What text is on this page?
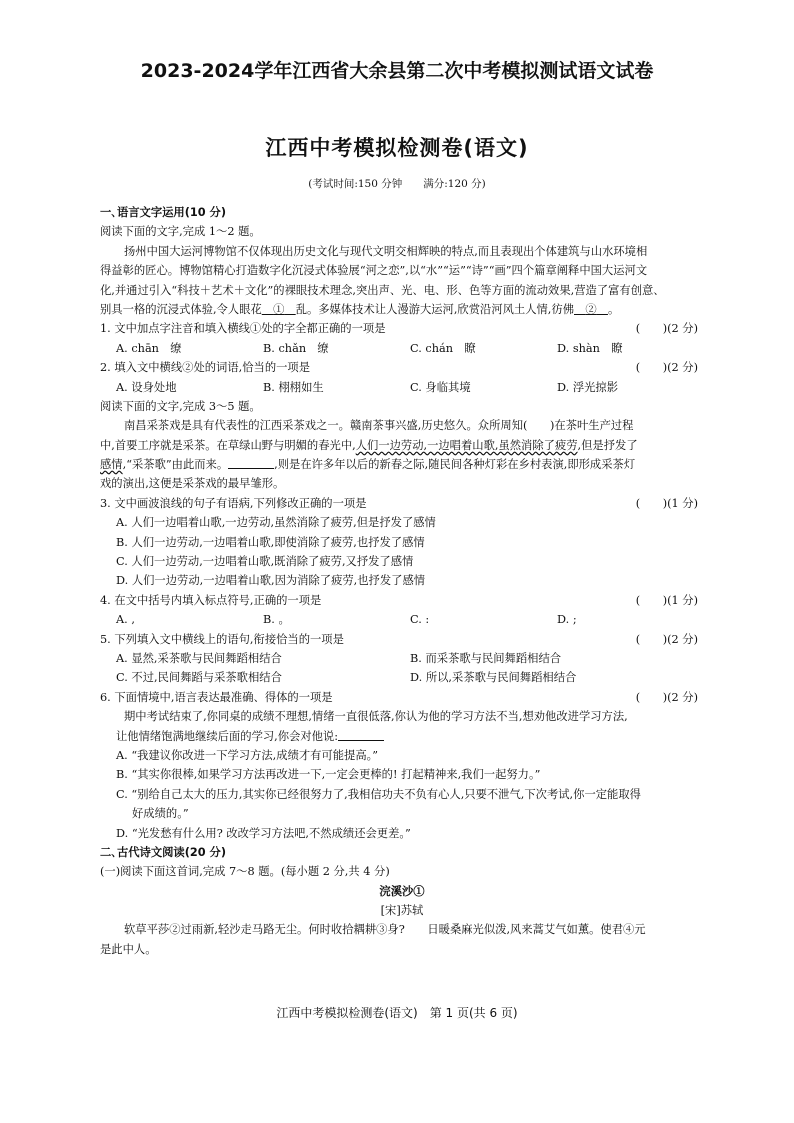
2023-2024学年江西省大余县第二次中考模拟测试语文试卷
江西中考模拟检测卷(语文)
(考试时间:150 分钟　　满分:120 分)
一､语言文字运用(10 分)
阅读下面的文字,完成 1～2 题。
扬州中国大运河博物馆不仅体现出历史文化与现代文明交相辉映的特点,而且表现出个体建筑与山水环境相
得益彰的匠心。博物馆精心打造数字化沉浸式体验展“河之恋”,以“水”“运”“诗”“画”四个篇章阐释中国大运河文
化,并通过引入“科技＋艺术＋文化”的裸眼技术理念,突出声、光、电、形、色等方面的流动效果,营造了富有创意、
别具一格的沉浸式体验,令人眼花　 ①　 乱。多媒体技术让人漫游大运河,欣赏沿河风土人情,彷佛　 ②　 。
1. 文中加点字注音和填入横线①处的字全都正确的一项是	(　　)(2 分)
A. chān　缭	B. chǎn　缭	C. chán　瞭	D. shàn　瞭
2. 填入文中横线②处的词语,恰当的一项是	(　　)(2 分)
A. 设身处地	B. 栩栩如生	C. 身临其境	D. 浮光掠影
阅读下面的文字,完成 3～5 题。
南昌采茶戏是具有代表性的江西采茶戏之一。赣南茶事兴盛,历史悠久。众所周知(　　)在茶叶生产过程
中,首要工序就是采茶。在草绿山野与明媚的春光中,人们一边劳动,一边唱着山歌,虽然消除了疲劳,但是抒发了
感情,“采茶歌”由此而来。	,则是在许多年以后的新春之际,随民间各种灯彩在乡村表演,即形成采茶灯
戏的演出,这便是采茶戏的最早雏形。
3. 文中画波浪线的句子有语病,下列修改正确的一项是	(　　)(1 分)
A. 人们一边唱着山歌,一边劳动,虽然消除了疲劳,但是抒发了感情
B. 人们一边劳动,一边唱着山歌,即使消除了疲劳,也抒发了感情
C. 人们一边劳动,一边唱着山歌,既消除了疲劳,又抒发了感情
D. 人们一边劳动,一边唱着山歌,因为消除了疲劳,也抒发了感情
4. 在文中括号内填入标点符号,正确的一项是	(　　)(1 分)
A. ,	B. 。	C. :	D. ;
5. 下列填入文中横线上的语句,衔接恰当的一项是	(　　)(2 分)
A. 显然,采茶歌与民间舞蹈相结合	B. 而采茶歌与民间舞蹈相结合
C. 不过,民间舞蹈与采茶歌相结合	D. 所以,采茶歌与民间舞蹈相结合
6. 下面情境中,语言表达最准确、得体的一项是	(　　)(2 分)
期中考试结束了,你同桌的成绩不理想,情绪一直很低落,你认为他的学习方法不当,想劝他改进学习方法,
让他情绪饱满地继续后面的学习,你会对他说:
A. “我建议你改进一下学习方法,成绩才有可能提高。”
B. “其实你很棒,如果学习方法再改进一下,一定会更棒的! 打起精神来,我们一起努力。”
C. “别给自己太大的压力,其实你已经很努力了,我相信功夫不负有心人,只要不泄气,下次考试,你一定能取得
好成绩的。”
D. “光发愁有什么用? 改改学习方法吧,不然成绩还会更差。”
二､古代诗文阅读(20 分)
(一)阅读下面这首词,完成 7～8 题。(每小题 2 分,共 4 分)
浣溪沙①
[宋]苏轼
软草平莎②过雨新,轻沙走马路无尘。何时收拾耦耕③身?　　日暖桑麻光似泼,风来蒿艾气如薰。使君④元
是此中人。
江西中考模拟检测卷(语文)　第 1 页(共 6 页)
